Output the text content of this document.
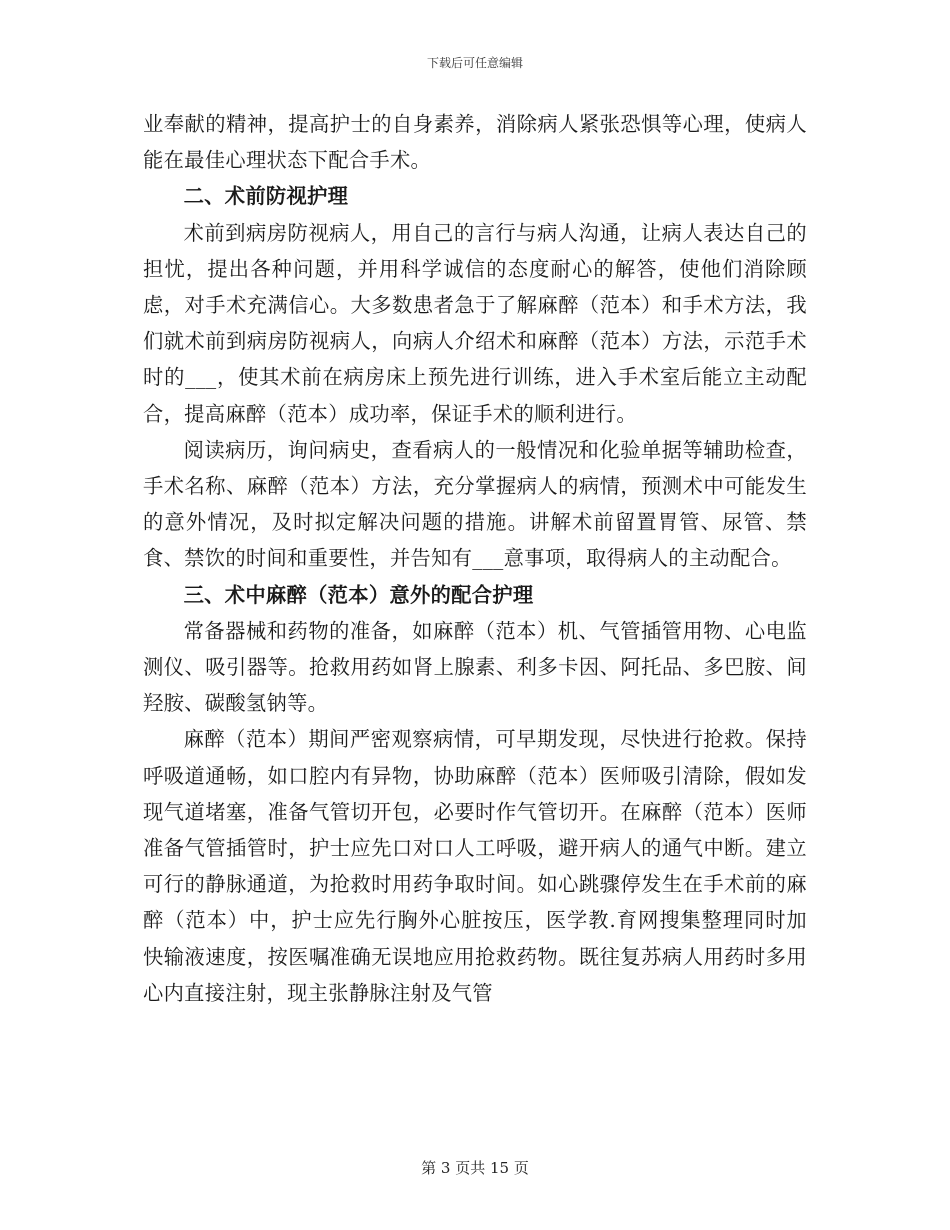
下载后可任意编辑

业奉献的精神，提高护士的自身素养，消除病人紧张恐惧等心理，使病人能在最佳心理状态下配合手术。

二、术前防视护理

术前到病房防视病人，用自己的言行与病人沟通，让病人表达自己的担忧，提出各种问题，并用科学诚信的态度耐心的解答，使他们消除顾虑，对手术充满信心。大多数患者急于了解麻醉（范本）和手术方法，我们就术前到病房防视病人，向病人介绍术和麻醉（范本）方法，示范手术时的___，使其术前在病房床上预先进行训练，进入手术室后能立主动配合，提高麻醉（范本）成功率，保证手术的顺利进行。

阅读病历，询问病史，查看病人的一般情况和化验单据等辅助检查，手术名称、麻醉（范本）方法，充分掌握病人的病情，预测术中可能发生的意外情况，及时拟定解决问题的措施。讲解术前留置胃管、尿管、禁食、禁饮的时间和重要性，并告知有___意事项，取得病人的主动配合。

三、术中麻醉（范本）意外的配合护理

常备器械和药物的准备，如麻醉（范本）机、气管插管用物、心电监测仪、吸引器等。抢救用药如肾上腺素、利多卡因、阿托品、多巴胺、间羟胺、碳酸氢钠等。

麻醉（范本）期间严密观察病情，可早期发现，尽快进行抢救。保持呼吸道通畅，如口腔内有异物，协助麻醉（范本）医师吸引清除，假如发现气道堵塞，准备气管切开包，必要时作气管切开。在麻醉（范本）医师准备气管插管时，护士应先口对口人工呼吸，避开病人的通气中断。建立可行的静脉通道，为抢救时用药争取时间。如心跳骤停发生在手术前的麻醉（范本）中，护士应先行胸外心脏按压，医学教.育网搜集整理同时加快输液速度，按医嘱准确无误地应用抢救药物。既往复苏病人用药时多用心内直接注射，现主张静脉注射及气管

第 3 页共 15 页
